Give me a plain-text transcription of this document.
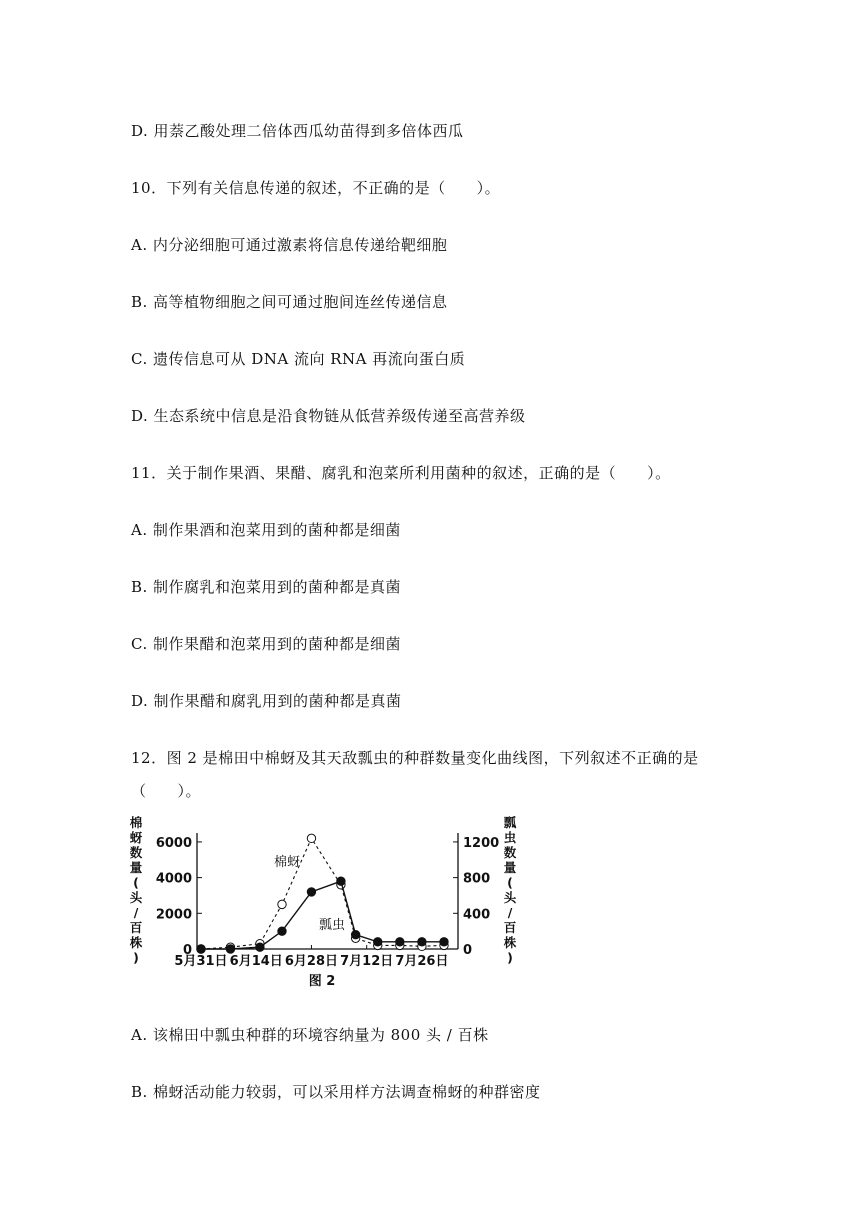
D. 用萘乙酸处理二倍体西瓜幼苗得到多倍体西瓜
10．下列有关信息传递的叙述，不正确的是（　　）。
A. 内分泌细胞可通过激素将信息传递给靶细胞
B. 高等植物细胞之间可通过胞间连丝传递信息
C. 遗传信息可从 DNA 流向 RNA 再流向蛋白质
D. 生态系统中信息是沿食物链从低营养级传递至高营养级
11．关于制作果酒、果醋、腐乳和泡菜所利用菌种的叙述，正确的是（　　）。
A. 制作果酒和泡菜用到的菌种都是细菌
B. 制作腐乳和泡菜用到的菌种都是真菌
C. 制作果醋和泡菜用到的菌种都是细菌
D. 制作果醋和腐乳用到的菌种都是真菌
12．图 2 是棉田中棉蚜及其天敌瓢虫的种群数量变化曲线图，下列叙述不正确的是
（　　）。
0
2000
4000
6000
0
400
800
1200
5月31日 6月14日 6月28日 7月12日 7月26日
棉蚜数量(头/百株)
瓢虫数量(头/百株)
棉蚜
瓢虫
图 2
A. 该棉田中瓢虫种群的环境容纳量为 800 头 / 百株
B. 棉蚜活动能力较弱，可以采用样方法调查棉蚜的种群密度
